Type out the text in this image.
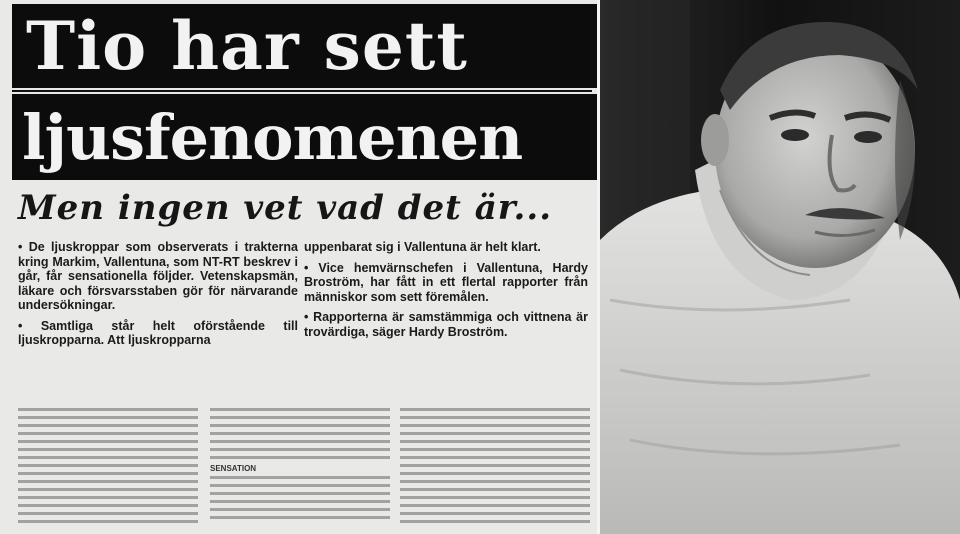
Tio har sett
ljusfenomenen
Men ingen vet vad det är...

• De ljuskroppar som observerats i trakterna kring Markim, Vallentuna, som NT-RT beskrev i går, får sensationella följder. Vetenskapsmän, läkare och försvarsstaben gör för närvarande undersökningar.

• Samtliga står helt oförstående till ljuskropparna. Att ljuskropparna

uppenbarat sig i Vallentuna är helt klart.

• Vice hemvärnschefen i Vallentuna, Hardy Broström, har fått in ett flertal rapporter från människor som sett föremålen.

• Rapporterna är samstämmiga och vittnena är trovärdiga, säger Hardy Broström.

SENSATION
